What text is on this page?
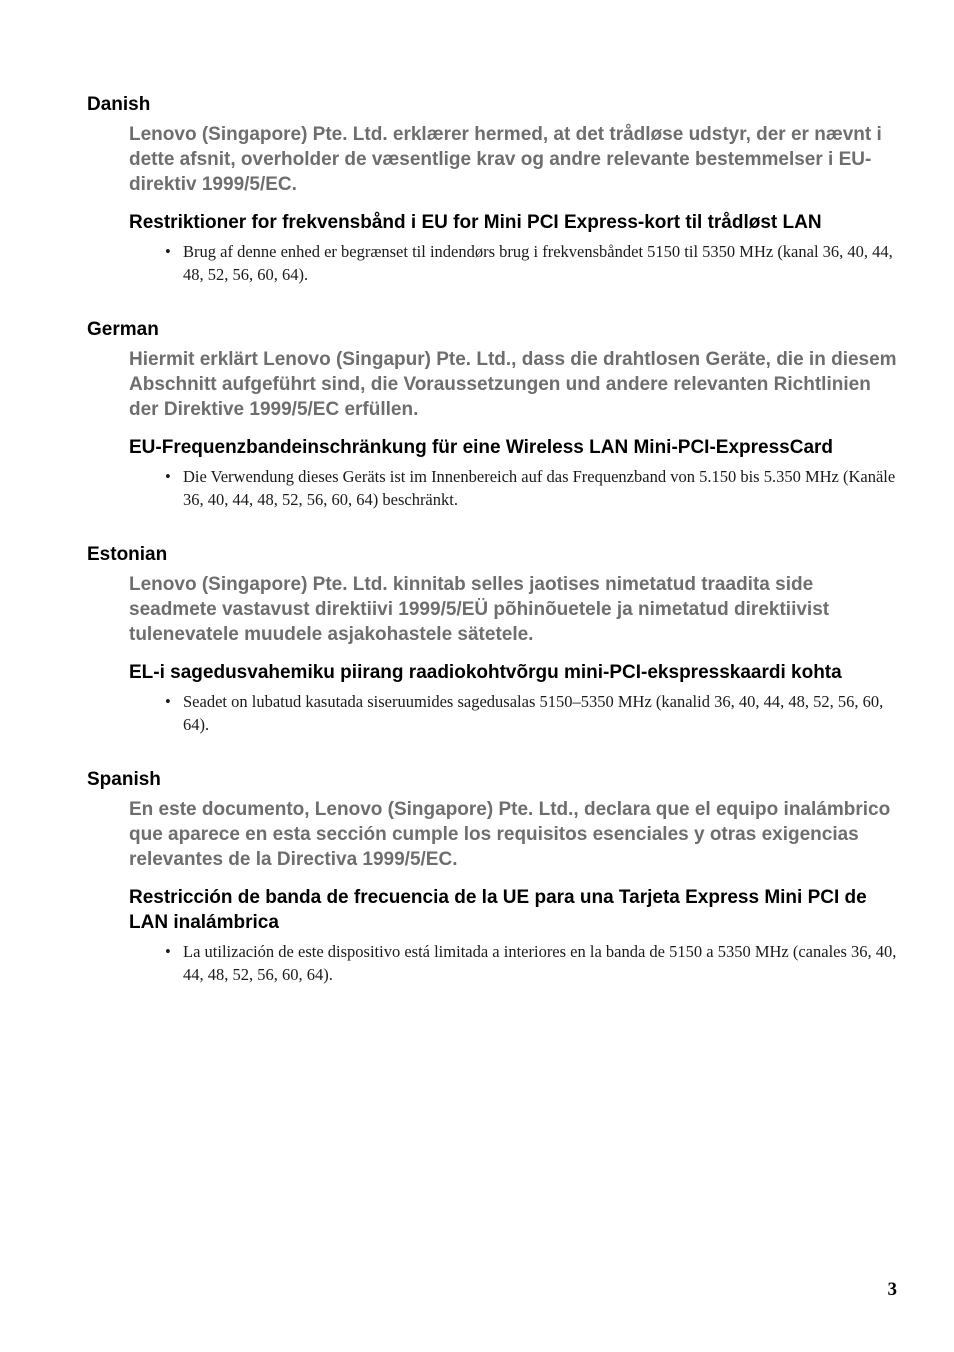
Danish
Lenovo (Singapore) Pte. Ltd. erklærer hermed, at det trådløse udstyr, der er nævnt i dette afsnit, overholder de væsentlige krav og andre relevante bestemmelser i EU-direktiv 1999/5/EC.
Restriktioner for frekvensbånd i EU for Mini PCI Express-kort til trådløst LAN
• Brug af denne enhed er begrænset til indendørs brug i frekvensbåndet 5150 til 5350 MHz (kanal 36, 40, 44, 48, 52, 56, 60, 64).
German
Hiermit erklärt Lenovo (Singapur) Pte. Ltd., dass die drahtlosen Geräte, die in diesem Abschnitt aufgeführt sind, die Voraussetzungen und andere relevanten Richtlinien der Direktive 1999/5/EC erfüllen.
EU-Frequenzbandeinschränkung für eine Wireless LAN Mini-PCI-ExpressCard
• Die Verwendung dieses Geräts ist im Innenbereich auf das Frequenzband von 5.150 bis 5.350 MHz (Kanäle 36, 40, 44, 48, 52, 56, 60, 64) beschränkt.
Estonian
Lenovo (Singapore) Pte. Ltd. kinnitab selles jaotises nimetatud traadita side seadmete vastavust direktiivi 1999/5/EÜ põhinõuetele ja nimetatud direktiivist tulenevatele muudele asjakohastele sätetele.
EL-i sagedusvahemiku piirang raadiokohtvõrgu mini-PCI-ekspresskaardi kohta
• Seadet on lubatud kasutada siseruumides sagedusalas 5150–5350 MHz (kanalid 36, 40, 44, 48, 52, 56, 60, 64).
Spanish
En este documento, Lenovo (Singapore) Pte. Ltd., declara que el equipo inalámbrico que aparece en esta sección cumple los requisitos esenciales y otras exigencias relevantes de la Directiva 1999/5/EC.
Restricción de banda de frecuencia de la UE para una Tarjeta Express Mini PCI de LAN inalámbrica
• La utilización de este dispositivo está limitada a interiores en la banda de 5150 a 5350 MHz (canales 36, 40, 44, 48, 52, 56, 60, 64).
3
